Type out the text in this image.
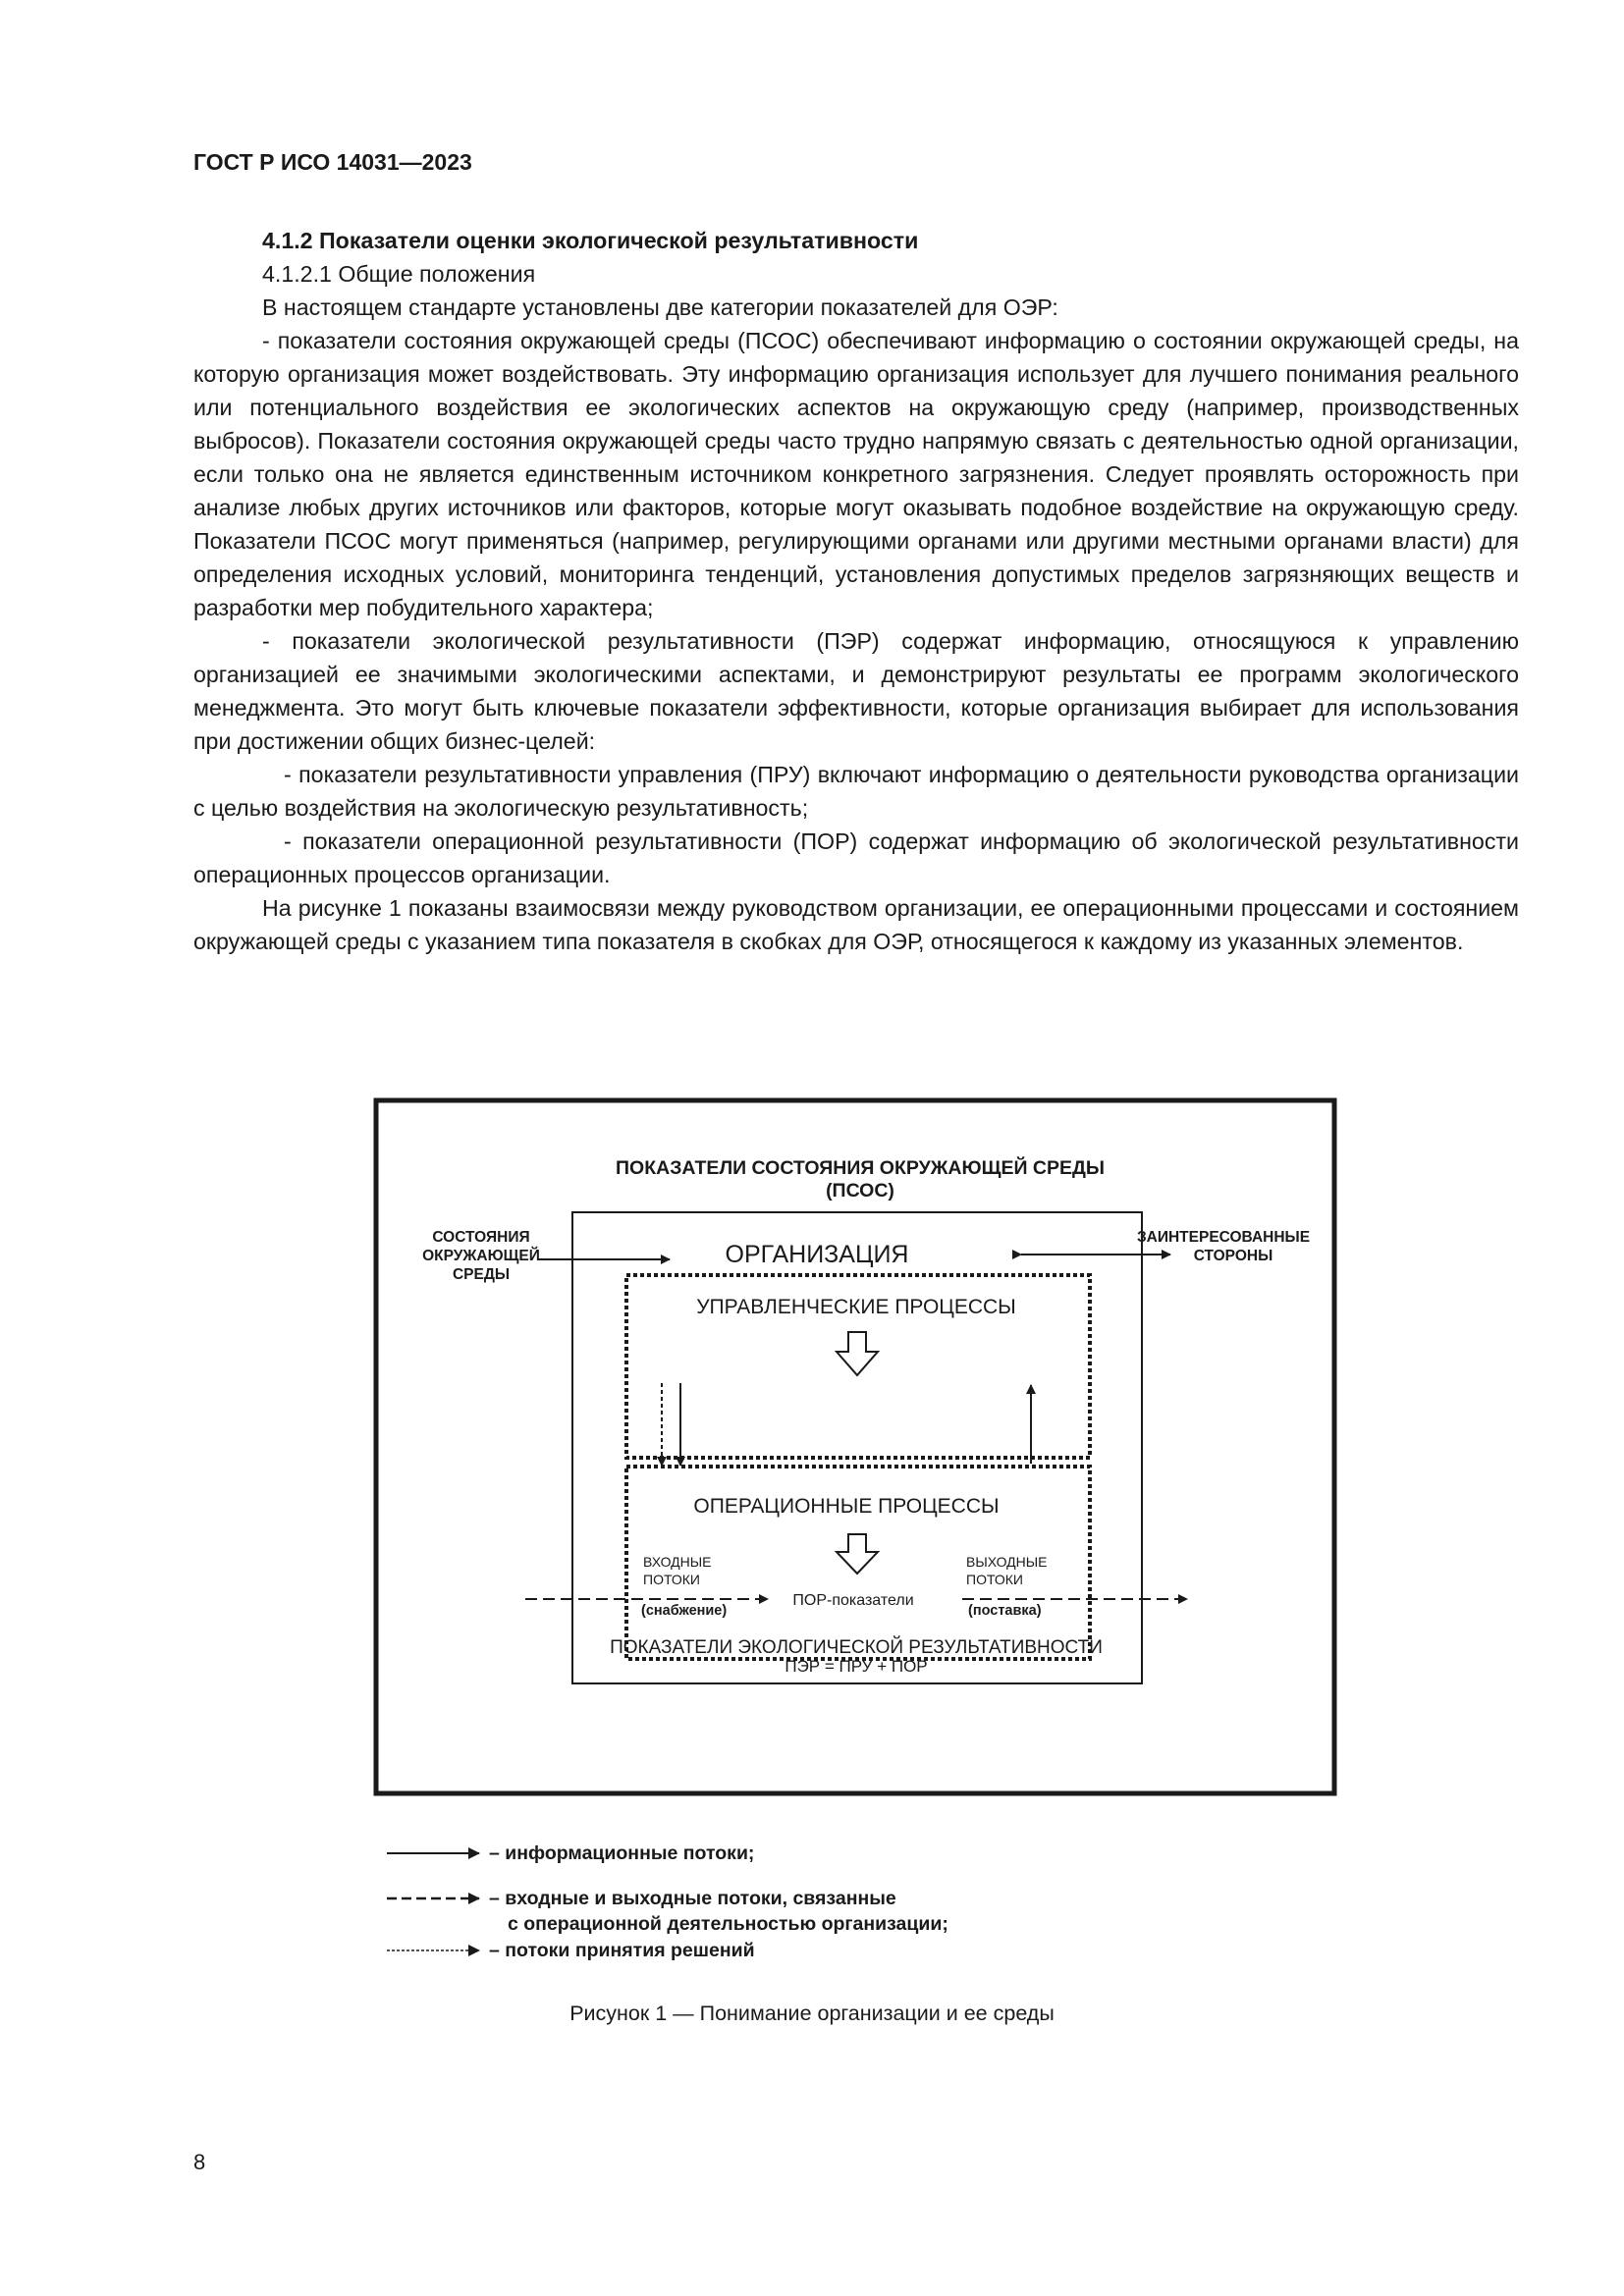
ГОСТ Р ИСО 14031—2023

4.1.2 Показатели оценки экологической результативности

4.1.2.1 Общие положения

В настоящем стандарте установлены две категории показателей для ОЭР:

- показатели состояния окружающей среды (ПСОС) обеспечивают информацию о состоянии окружающей среды, на которую организация может воздействовать. Эту информацию организация использует для лучшего понимания реального или потенциального воздействия ее экологических аспектов на окружающую среду (например, производственных выбросов). Показатели состояния окружающей среды часто трудно напрямую связать с деятельностью одной организации, если только она не является единственным источником конкретного загрязнения. Следует проявлять осторожность при анализе любых других источников или факторов, которые могут оказывать подобное воздействие на окружающую среду. Показатели ПСОС могут применяться (например, регулирующими органами или другими местными органами власти) для определения исходных условий, мониторинга тенденций, установления допустимых пределов загрязняющих веществ и разработки мер побудительного характера;

- показатели экологической результативности (ПЭР) содержат информацию, относящуюся к управлению организацией ее значимыми экологическими аспектами, и демонстрируют результаты ее программ экологического менеджмента. Это могут быть ключевые показатели эффективности, которые организация выбирает для использования при достижении общих бизнес-целей:

- показатели результативности управления (ПРУ) включают информацию о деятельности руководства организации с целью воздействия на экологическую результативность;

- показатели операционной результативности (ПОР) содержат информацию об экологической результативности операционных процессов организации.

На рисунке 1 показаны взаимосвязи между руководством организации, ее операционными процессами и состоянием окружающей среды с указанием типа показателя в скобках для ОЭР, относящегося к каждому из указанных элементов.

ПОКАЗАТЕЛИ СОСТОЯНИЯ ОКРУЖАЮЩЕЙ СРЕДЫ
(ПСОС)
ОРГАНИЗАЦИЯ
СОСТОЯНИЯ
ОКРУЖАЮЩЕЙ
СРЕДЫ
ЗАИНТЕРЕСОВАННЫЕ
СТОРОНЫ
УПРАВЛЕНЧЕСКИЕ ПРОЦЕССЫ
ОПЕРАЦИОННЫЕ ПРОЦЕССЫ
ВХОДНЫЕ
ПОТОКИ
(снабжение)
ВЫХОДНЫЕ
ПОТОКИ
(поставка)
ПОР-показатели
ПОКАЗАТЕЛИ ЭКОЛОГИЧЕСКОЙ РЕЗУЛЬТАТИВНОСТИ
ПЭР = ПРУ + ПОР
– информационные потоки;
– входные и выходные потоки, связанные
с операционной деятельностью организации;
– потоки принятия решений
Рисунок 1 — Понимание организации и ее среды
8
